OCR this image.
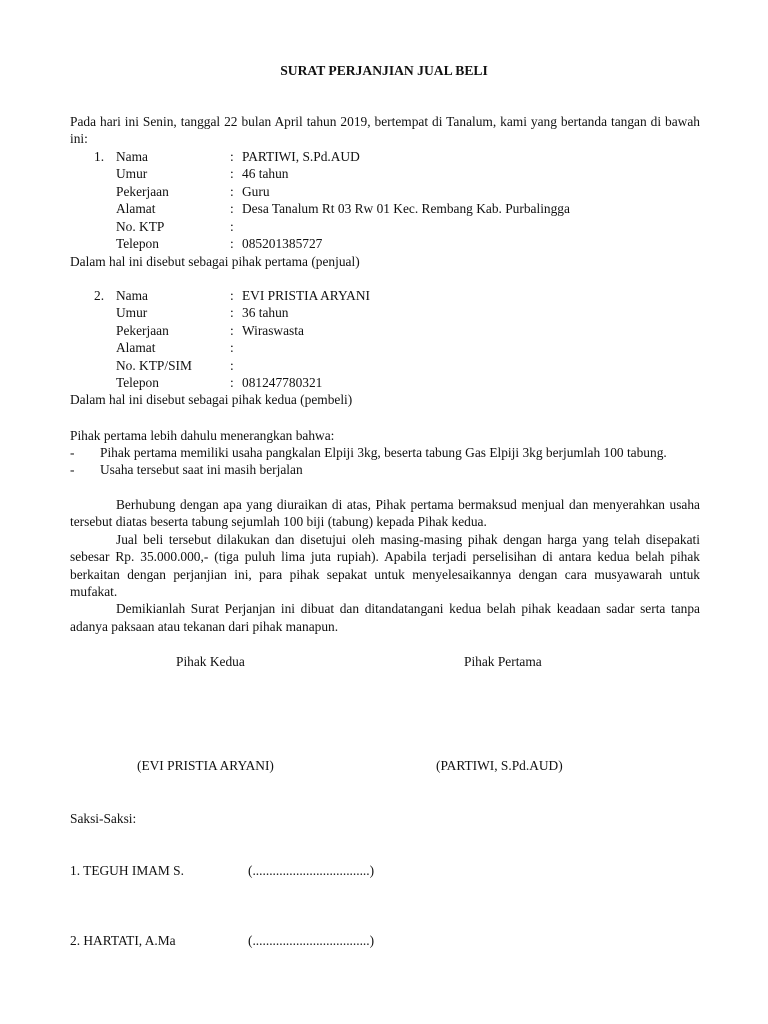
SURAT PERJANJIAN JUAL BELI
Pada hari ini Senin, tanggal 22 bulan April tahun 2019, bertempat di Tanalum, kami yang bertanda tangan di bawah ini:
1. Nama	: PARTIWI, S.Pd.AUD
Umur	: 46 tahun
Pekerjaan	: Guru
Alamat	: Desa Tanalum Rt 03 Rw 01 Kec. Rembang Kab. Purbalingga
No. KTP	:
Telepon	: 085201385727
Dalam hal ini disebut sebagai pihak pertama (penjual)
2. Nama	: EVI PRISTIA ARYANI
Umur	: 36 tahun
Pekerjaan	: Wiraswasta
Alamat	:
No. KTP/SIM	:
Telepon	: 081247780321
Dalam hal ini disebut sebagai pihak kedua (pembeli)
Pihak pertama lebih dahulu menerangkan bahwa:
- Pihak pertama memiliki usaha pangkalan Elpiji 3kg, beserta tabung Gas Elpiji 3kg berjumlah 100 tabung.
- Usaha tersebut saat ini masih berjalan

Berhubung dengan apa yang diuraikan di atas, Pihak pertama bermaksud menjual dan menyerahkan usaha tersebut diatas beserta tabung sejumlah 100 biji (tabung) kepada Pihak kedua.

Jual beli tersebut dilakukan dan disetujui oleh masing-masing pihak dengan harga yang telah disepakati sebesar Rp. 35.000.000,- (tiga puluh lima juta rupiah). Apabila terjadi perselisihan di antara kedua belah pihak berkaitan dengan perjanjian ini, para pihak sepakat untuk menyelesaikannya dengan cara musyawarah untuk mufakat.

Demikianlah Surat Perjanjan ini dibuat dan ditandatangani kedua belah pihak keadaan sadar serta tanpa adanya paksaan atau tekanan dari pihak manapun.

Pihak Kedua	Pihak Pertama
(EVI PRISTIA ARYANI)	(PARTIWI, S.Pd.AUD)
Saksi-Saksi:
1. TEGUH IMAM S.	(...................................)
2. HARTATI, A.Ma	(...................................)
